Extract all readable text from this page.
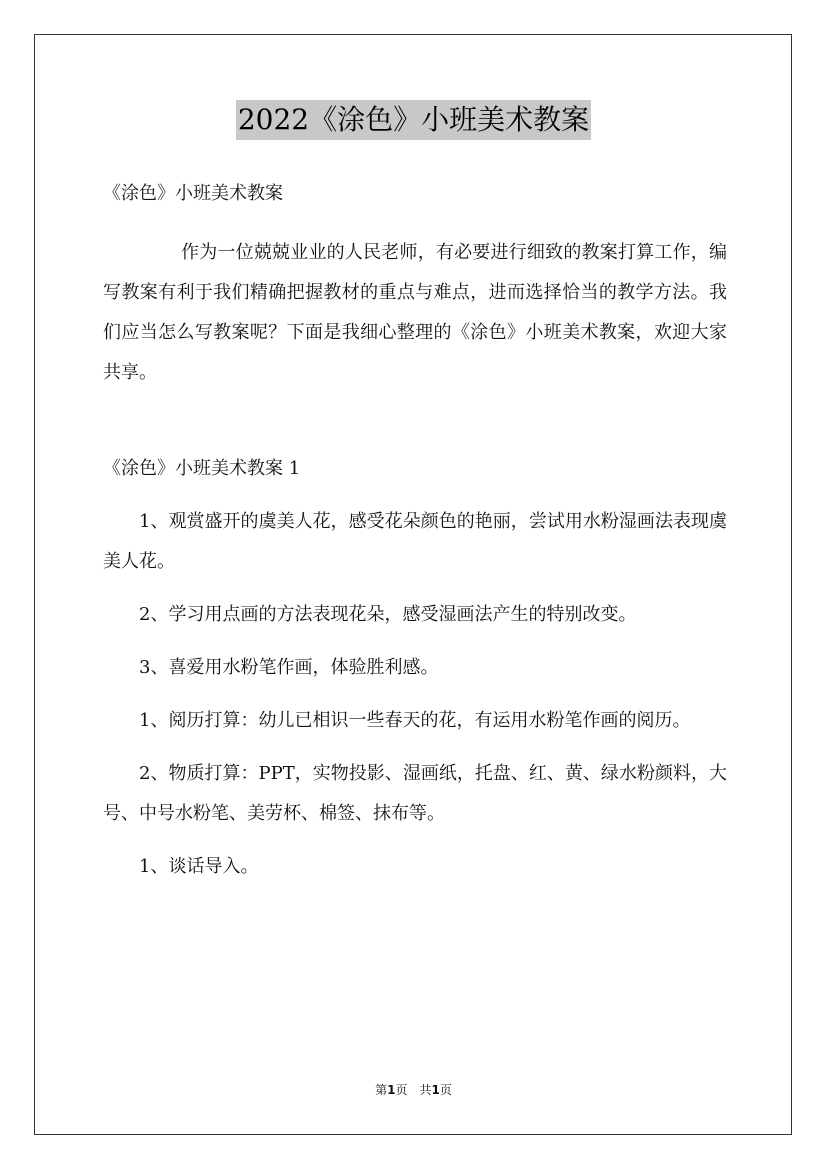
2022《涂色》小班美术教案

《涂色》小班美术教案

作为一位兢兢业业的人民老师，有必要进行细致的教案打算工作，编写教案有利于我们精确把握教材的重点与难点，进而选择恰当的教学方法。我们应当怎么写教案呢？下面是我细心整理的《涂色》小班美术教案，欢迎大家共享。

《涂色》小班美术教案 1

1、观赏盛开的虞美人花，感受花朵颜色的艳丽，尝试用水粉湿画法表现虞美人花。

2、学习用点画的方法表现花朵，感受湿画法产生的特别改变。

3、喜爱用水粉笔作画，体验胜利感。

1、阅历打算：幼儿已相识一些春天的花，有运用水粉笔作画的阅历。

2、物质打算：PPT，实物投影、湿画纸，托盘、红、黄、绿水粉颜料，大号、中号水粉笔、美劳杯、棉签、抹布等。

1、谈话导入。

第1页　共1页
